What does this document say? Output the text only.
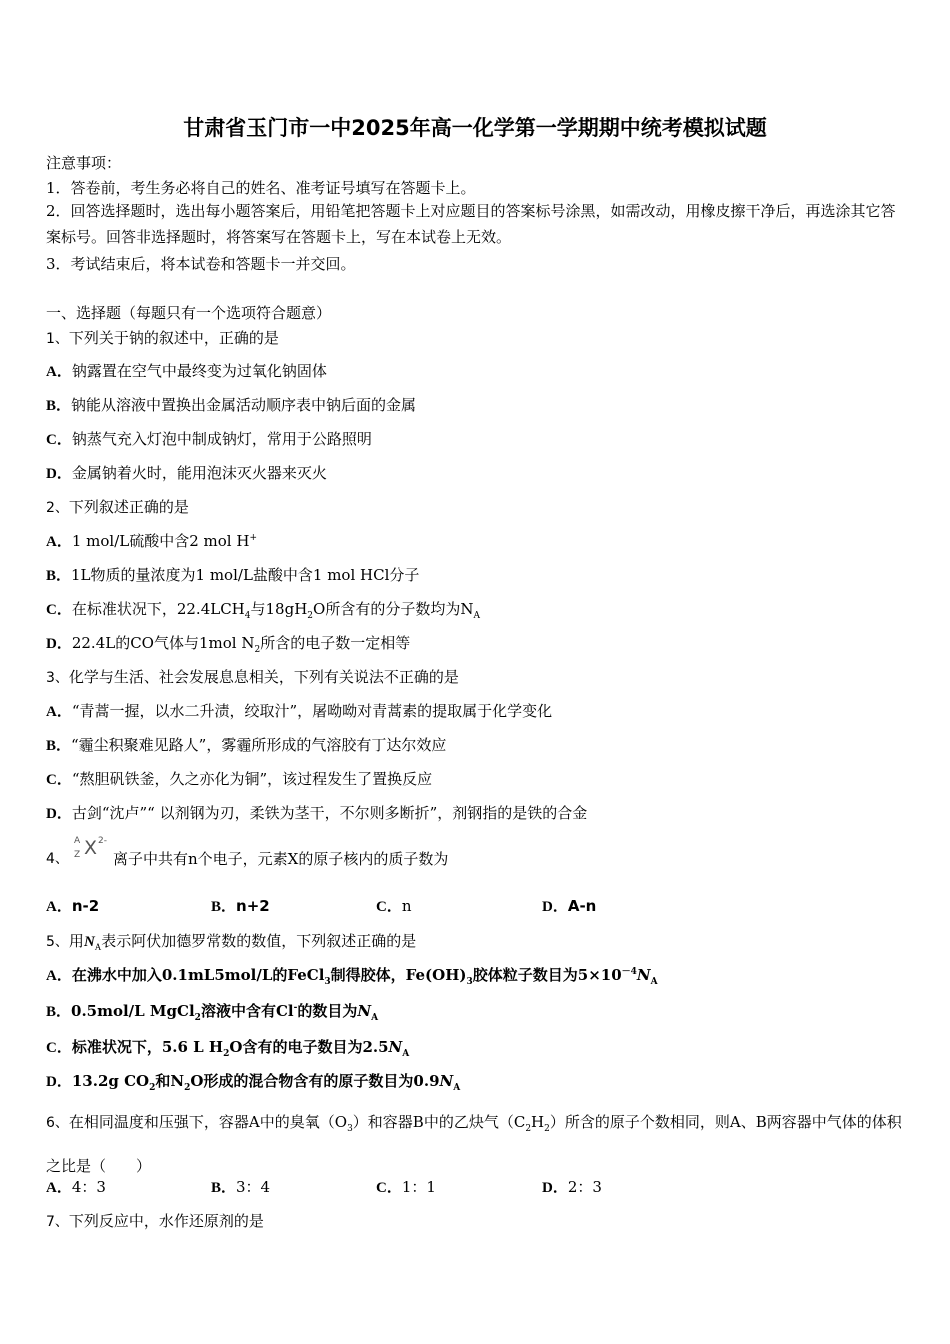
甘肃省玉门市一中2025年高一化学第一学期期中统考模拟试题
注意事项：
1．答卷前，考生务必将自己的姓名、准考证号填写在答题卡上。
2．回答选择题时，选出每小题答案后，用铅笔把答题卡上对应题目的答案标号涂黑，如需改动，用橡皮擦干净后，再选涂其它答案标号。回答非选择题时，将答案写在答题卡上，写在本试卷上无效。
3．考试结束后，将本试卷和答题卡一并交回。
一、选择题（每题只有一个选项符合题意）
1、下列关于钠的叙述中，正确的是
A．钠露置在空气中最终变为过氧化钠固体
B．钠能从溶液中置换出金属活动顺序表中钠后面的金属
C．钠蒸气充入灯泡中制成钠灯，常用于公路照明
D．金属钠着火时，能用泡沫灭火器来灭火
2、下列叙述正确的是
A．1 mol/L硫酸中含2 mol H+
B．1L物质的量浓度为1 mol/L盐酸中含1 mol HCl分子
C．在标准状况下，$22.4LCH_4$与$18gH_2O$所含有的分子数均为$N_A$
D．22.4L的CO气体与1mol $N_2$所含的电子数一定相等
3、化学与生活、社会发展息息相关，下列有关说法不正确的是
A．“青蒿一握，以水二升渍，绞取汁”，屠呦呦对青蒿素的提取属于化学变化
B．“霾尘积聚难见路人”，雾霾所形成的气溶胶有丁达尔效应
C．“熬胆矾铁釜，久之亦化为铜”，该过程发生了置换反应
D．古剑“沈卢”“ 以剂钢为刃，柔铁为茎干，不尔则多断折”，剂钢指的是铁的合金
4、
A
Z X 2-
离子中共有n个电子，元素X的原子核内的质子数为
A．n-2	B．n+2	C．n	D．A-n
5、用$N_A$表示阿伏加德罗常数的数值，下列叙述正确的是
A．在沸水中加入0.1mL5mol/L的FeCl$_3$制得胶体，$Fe(OH)_3$胶体粒子数目为$5\times 10^{-4}N_A$
B．0.5mol/L MgCl$_2$溶液中含有Cl-的数目为$N_A$
C．标准状况下，5.6 L $H_2O$含有的电子数目为$2.5N_A$
D．13.2g $CO_2$和$N_2O$形成的混合物含有的原子数目为$0.9N_A$
6、在相同温度和压强下，容器A中的臭氧$(O_3)$和容器B中的乙炔气$(C_2H_2)$所含的原子个数相同，则A、B两容器中气体的体积之比是（　　）
A．4：3	B．3：4	C．1：1	D．2：3
7、下列反应中，水作还原剂的是
